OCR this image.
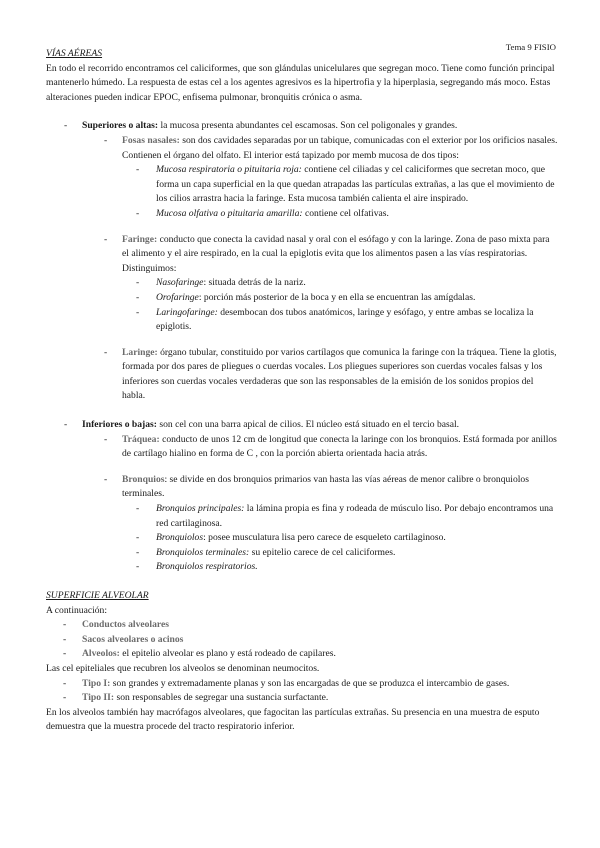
Tema 9 FISIO

VÍAS AÉREAS

En todo el recorrido encontramos cel caliciformes, que son glándulas unicelulares que segregan moco. Tiene como función principal mantenerlo húmedo. La respuesta de estas cel a los agentes agresivos es la hipertrofia y la hiperplasia, segregando más moco. Estas alteraciones pueden indicar EPOC, enfisema pulmonar, bronquitis crónica o asma.

- Superiores o altas: la mucosa presenta abundantes cel escamosas. Son cel poligonales y grandes.
- Fosas nasales: son dos cavidades separadas por un tabique, comunicadas con el exterior por los orificios nasales. Contienen el órgano del olfato. El interior está tapizado por memb mucosa de dos tipos:
- Mucosa respiratoria o pituitaria roja: contiene cel ciliadas y cel caliciformes que secretan moco, que forma un capa superficial en la que quedan atrapadas las partículas extrañas, a las que el movimiento de los cilios arrastra hacia la faringe. Esta mucosa también calienta el aire inspirado.
- Mucosa olfativa o pituitaria amarilla: contiene cel olfativas.
- Faringe: conducto que conecta la cavidad nasal y oral con el esófago y con la laringe. Zona de paso mixta para el alimento y el aire respirado, en la cual la epiglotis evita que los alimentos pasen a las vías respiratorias. Distinguimos:
- Nasofaringe: situada detrás de la nariz.
- Orofaringe: porción más posterior de la boca y en ella se encuentran las amígdalas.
- Laringofaringe: desembocan dos tubos anatómicos, laringe y esófago, y entre ambas se localiza la epiglotis.
- Laringe: órgano tubular, constituido por varios cartílagos que comunica la faringe con la tráquea. Tiene la glotis, formada por dos pares de pliegues o cuerdas vocales. Los pliegues superiores son cuerdas vocales falsas y los inferiores son cuerdas vocales verdaderas que son las responsables de la emisión de los sonidos propios del habla.
- Inferiores o bajas: son cel con una barra apical de cilios. El núcleo está situado en el tercio basal.
- Tráquea: conducto de unos 12 cm de longitud que conecta la laringe con los bronquios. Está formada por anillos de cartílago hialino en forma de C , con la porción abierta orientada hacia atrás.
- Bronquios: se divide en dos bronquios primarios van hasta las vías aéreas de menor calibre o bronquiolos terminales.
- Bronquios principales: la lámina propia es fina y rodeada de músculo liso. Por debajo encontramos una red cartilaginosa.
- Bronquiolos: posee musculatura lisa pero carece de esqueleto cartilaginoso.
- Bronquiolos terminales: su epitelio carece de cel caliciformes.
- Bronquiolos respiratorios.

SUPERFICIE ALVEOLAR

A continuación:

- Conductos alveolares
- Sacos alveolares o acinos
- Alveolos: el epitelio alveolar es plano y está rodeado de capilares.

Las cel epiteliales que recubren los alveolos se denominan neumocitos.

- Tipo I: son grandes y extremadamente planas y son las encargadas de que se produzca el intercambio de gases.
- Tipo II: son responsables de segregar una sustancia surfactante.

En los alveolos también hay macrófagos alveolares, que fagocitan las partículas extrañas. Su presencia en una muestra de esputo demuestra que la muestra procede del tracto respiratorio inferior.
